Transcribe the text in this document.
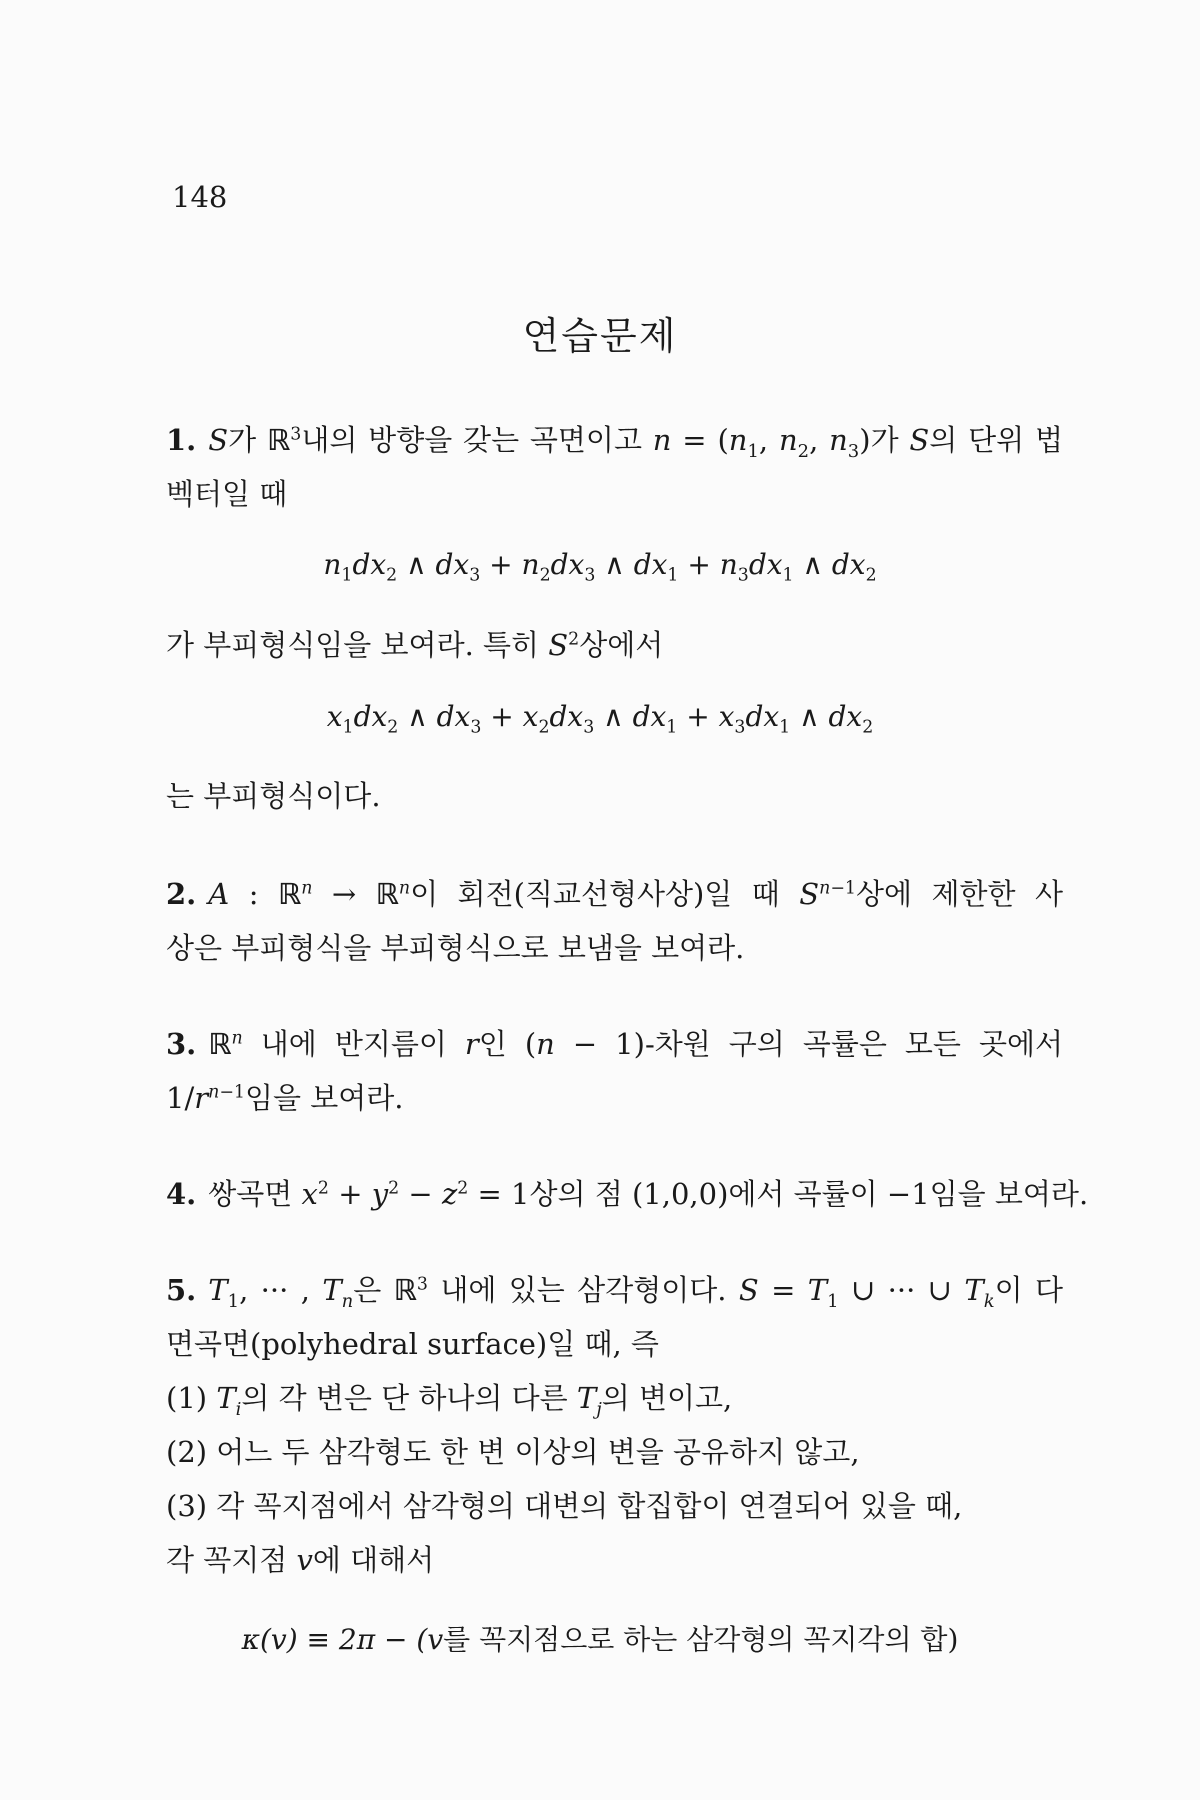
148
연습문제
1. S가 ℝ$^3$내의 방향을 갖는 곡면이고 $n = (n_1$, $n_2$, $n_3$)가 S의 단위 법
벡터일 때
$n_1dx_2$ ∧ $dx_3 + n_2dx_3$ ∧ $dx_1 + n_3dx_1$ ∧ $dx_2$
가 부피형식임을 보여라. 특히 $S^2$상에서
$x_1dx_2$ ∧ $dx_3 + x_2dx_3$ ∧ $dx_1 + x_3dx_1$ ∧ $dx_2$
는 부피형식이다.
2. A : ℝ$^n$ → ℝ$^n$이 회전(직교선형사상)일 때 $S^{n-1}$상에 제한한 사
상은 부피형식을 부피형식으로 보냄을 보여라.
3. ℝ$^n$ 내에 반지름이 r인 (n − 1)-차원 구의 곡률은 모든 곳에서
$1/r^{n-1}$임을 보여라.
4. 쌍곡면 $x^2 + y^2 - z^2 = 1$상의 점 (1,0,0)에서 곡률이 −1임을 보여라.
5. $T_1$, ··· , $T_n$은 ℝ$^3$ 내에 있는 삼각형이다. $S = T_1$ ∪ ··· ∪ $T_k$이 다
면곡면(polyhedral surface)일 때, 즉
(1) $T_i$의 각 변은 단 하나의 다른 $T_j$의 변이고,
(2) 어느 두 삼각형도 한 변 이상의 변을 공유하지 않고,
(3) 각 꼭지점에서 삼각형의 대변의 합집합이 연결되어 있을 때,
각 꼭지점 v에 대해서
κ(v) ≡ 2π − (v를 꼭지점으로 하는 삼각형의 꼭지각의 합)
